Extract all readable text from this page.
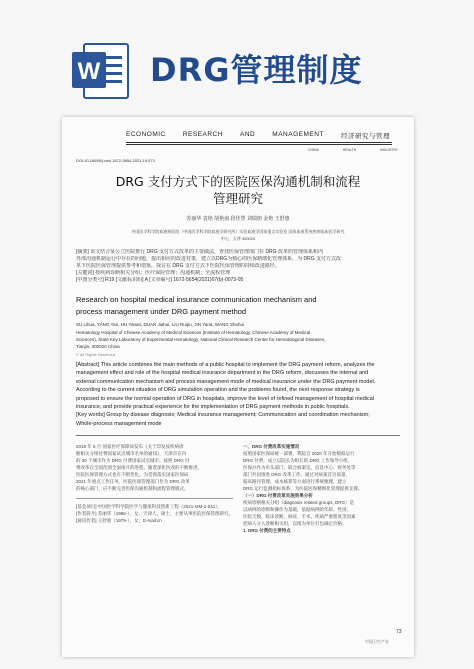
W DRG管理制度
ECONOMIC	RESEARCH	AND	MANAGEMENT	经济研究与管理
CHINA	HEALTH	INDUSTRY
DOI:10.16659/j.cnki.1672-5654.2021.19.073
DRG 支付方式下的医院医保沟通机制和流程
管理研究
苏丽华 袁艳 胡艳南 段佳慧 刘瑞朋 金艳 王舒惠
中国医学科学院血液病医院（中国医学科学院血液学研究所）实验血液学国家重点实验室 国家血液系统疾病临床医学研究
中心，天津 300020
[摘要] 该文结合某公立医院推行 DRG 支付方式改革的主要做法，查找医保管理部门在 DRG 改革的管理体系和内
外部沟通机制运行中存在的问题，提出相应的改进对策，建立以DRG为核心的医保精细化管理体系，为 DRG 支付方式改
革下医院医保管理提供参考和借鉴，探讨在 DRG 支付方式下医院医保管理的持续改进路径。
[关键词] 按疾病诊断相关分组；医疗保险管理；沟通机制；全流程管理
[中图分类号] R19 [文献标识码] A [文章编号] 1672-5654(2021)07(b)-0073-05
Research on hospital medical insurance communication mechanism and
process management under DRG payment method
SU Lihua, YANG Yan, HU Yanan, DUAN Jiahui, LIU Ruipu, JIN Yana, WANG Shuhui
Hematology Hospital of Chinese Academy of Medical Sciences (Institute of Hematology, Chinese Academy of Medical
Sciences), State Key Laboratory of Experimental Hematology, National Clinical Research Center for Hematological Diseases,
Tianjin, 300020 China
© All Rights Reserved
[Abstract] This article combines the main methods of a public hospital to implement the DRG payment reform, analyzes the
management effect and role of the hospital medical insurance department in the DRG reform, discusses the internal and
external communication mechanism and process management mode of medical insurance under the DRG payment model.
According to the current situation of DRG simulation operation and the problems found, the next response strategy is
proposed to ensure the normal operation of DRG in hospitals, improve the level of refined management of hospital medical
insurance, and provide practical experience for the implementation of DRG payment methods in public hospitals.
[Key words] Group by disease diagnosis; Medical insurance management; Communication and coordination mechanism;
Whole-process management mode
2019 年 5 月 国家医疗保障局发布《关于印发按疾病诊
断相关分组付费国家试点城市名单的通知》，天津市在内
的 30 个城市作为 DRG 付费国家试点城市。按照 DRG 付
费改革在全国范围全面推开的进程，随着深化医改的不断推进，
医院医保管理方式也在不断变化。为贯彻落实国家医保局
2021 年重点工作任务，医院医保管理部门作为 DRG 改革
的核心部门，应不断完善医保沟通机制和流程管理模式。
[基金项目] 中国医学科学院医学与健康科技创新工程（2021-I2M-1-041）。
[作者简介] 苏丽华（1986-），女，天津人，硕士，主要从事医院医保管理研究。
[通讯作者] 王舒惠（1979-），女，E-mail:cn
一、DRG 付费改革实施情况
按照国家医保局统一部署，我院自 2020 年开始模拟运行
DRG 付费，成立以院长为组长的 DRG 工作领导小组，
医保办作为牵头部门，联合病案室、信息中心、财务处等
部门共同推进 DRG 改革工作。通过对病案首页质量、
临床路径管理、成本核算等方面进行系统梳理，建立
DRG 运行监测指标体系，为医院医保精细化管理提供支撑。
（一）DRG 付费改革实施效果分析
疾病诊断相关分组（diagnosis related groups, DRG）是
以病例的诊断和操作为基础，依据病例的年龄、性别、
住院天数、临床诊断、病症、手术、疾病严重程度等因素
把病人分入诊断相关组，以组为单位打包确定价格。
1. DRG 付费的主要特点
73
中国卫生产业
